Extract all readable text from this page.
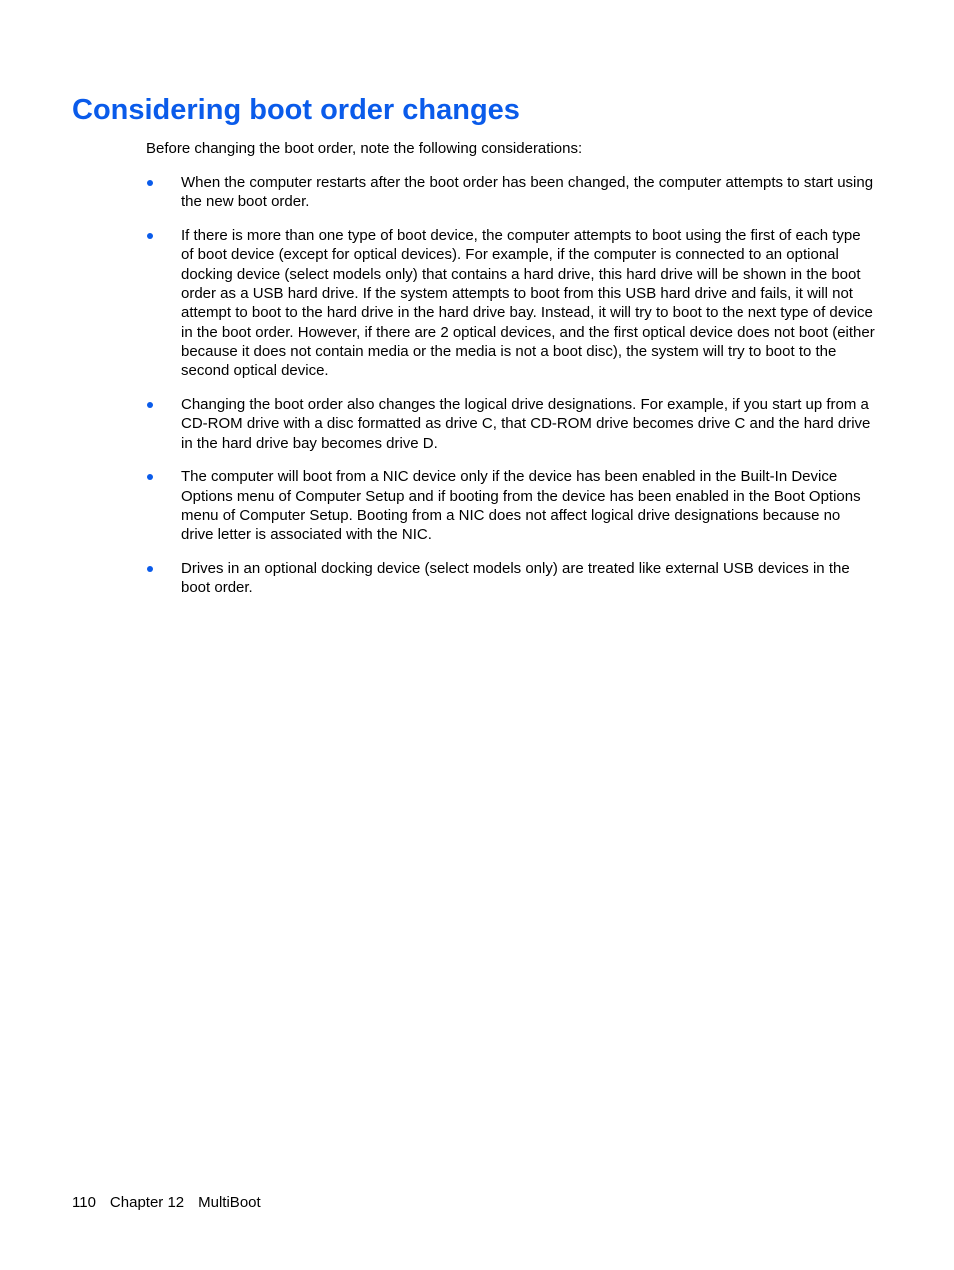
Considering boot order changes

Before changing the boot order, note the following considerations:

When the computer restarts after the boot order has been changed, the computer attempts to start using the new boot order.
If there is more than one type of boot device, the computer attempts to boot using the first of each type of boot device (except for optical devices). For example, if the computer is connected to an optional docking device (select models only) that contains a hard drive, this hard drive will be shown in the boot order as a USB hard drive. If the system attempts to boot from this USB hard drive and fails, it will not attempt to boot to the hard drive in the hard drive bay. Instead, it will try to boot to the next type of device in the boot order. However, if there are 2 optical devices, and the first optical device does not boot (either because it does not contain media or the media is not a boot disc), the system will try to boot to the second optical device.
Changing the boot order also changes the logical drive designations. For example, if you start up from a CD-ROM drive with a disc formatted as drive C, that CD-ROM drive becomes drive C and the hard drive in the hard drive bay becomes drive D.
The computer will boot from a NIC device only if the device has been enabled in the Built-In Device Options menu of Computer Setup and if booting from the device has been enabled in the Boot Options menu of Computer Setup. Booting from a NIC does not affect logical drive designations because no drive letter is associated with the NIC.
Drives in an optional docking device (select models only) are treated like external USB devices in the boot order.
110 Chapter 12 MultiBoot
